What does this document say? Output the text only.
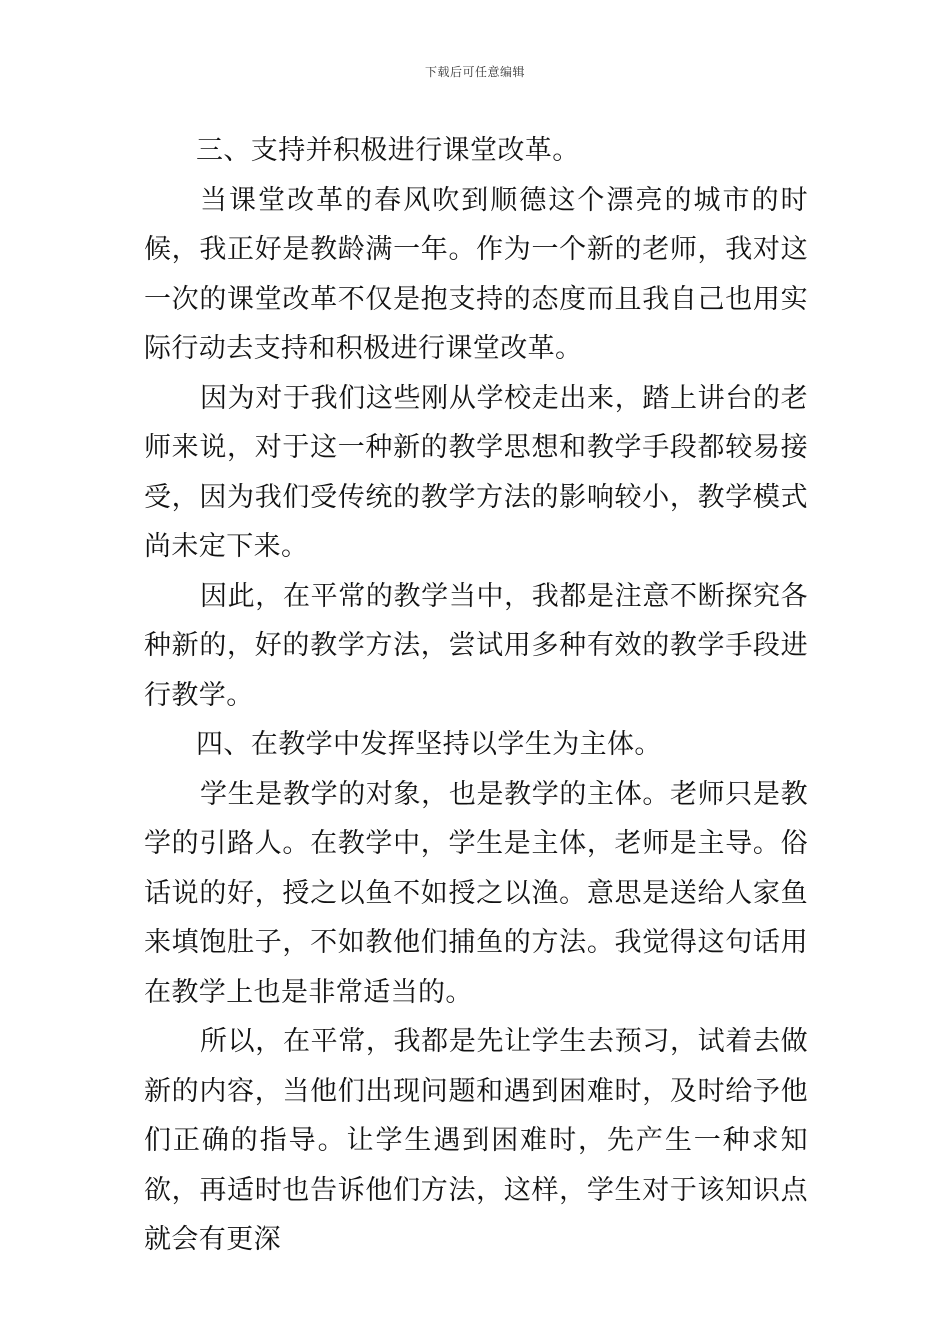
下载后可任意编辑

三、支持并积极进行课堂改革。

当课堂改革的春风吹到顺德这个漂亮的城市的时候，我正好是教龄满一年。作为一个新的老师，我对这一次的课堂改革不仅是抱支持的态度而且我自己也用实际行动去支持和积极进行课堂改革。

因为对于我们这些刚从学校走出来，踏上讲台的老师来说，对于这一种新的教学思想和教学手段都较易接受，因为我们受传统的教学方法的影响较小，教学模式尚未定下来。

因此，在平常的教学当中，我都是注意不断探究各种新的，好的教学方法，尝试用多种有效的教学手段进行教学。

四、在教学中发挥坚持以学生为主体。

学生是教学的对象，也是教学的主体。老师只是教学的引路人。在教学中，学生是主体，老师是主导。俗话说的好，授之以鱼不如授之以渔。意思是送给人家鱼来填饱肚子，不如教他们捕鱼的方法。我觉得这句话用在教学上也是非常适当的。

所以，在平常，我都是先让学生去预习，试着去做新的内容，当他们出现问题和遇到困难时，及时给予他们正确的指导。让学生遇到困难时，先产生一种求知欲，再适时也告诉他们方法，这样，学生对于该知识点就会有更深
